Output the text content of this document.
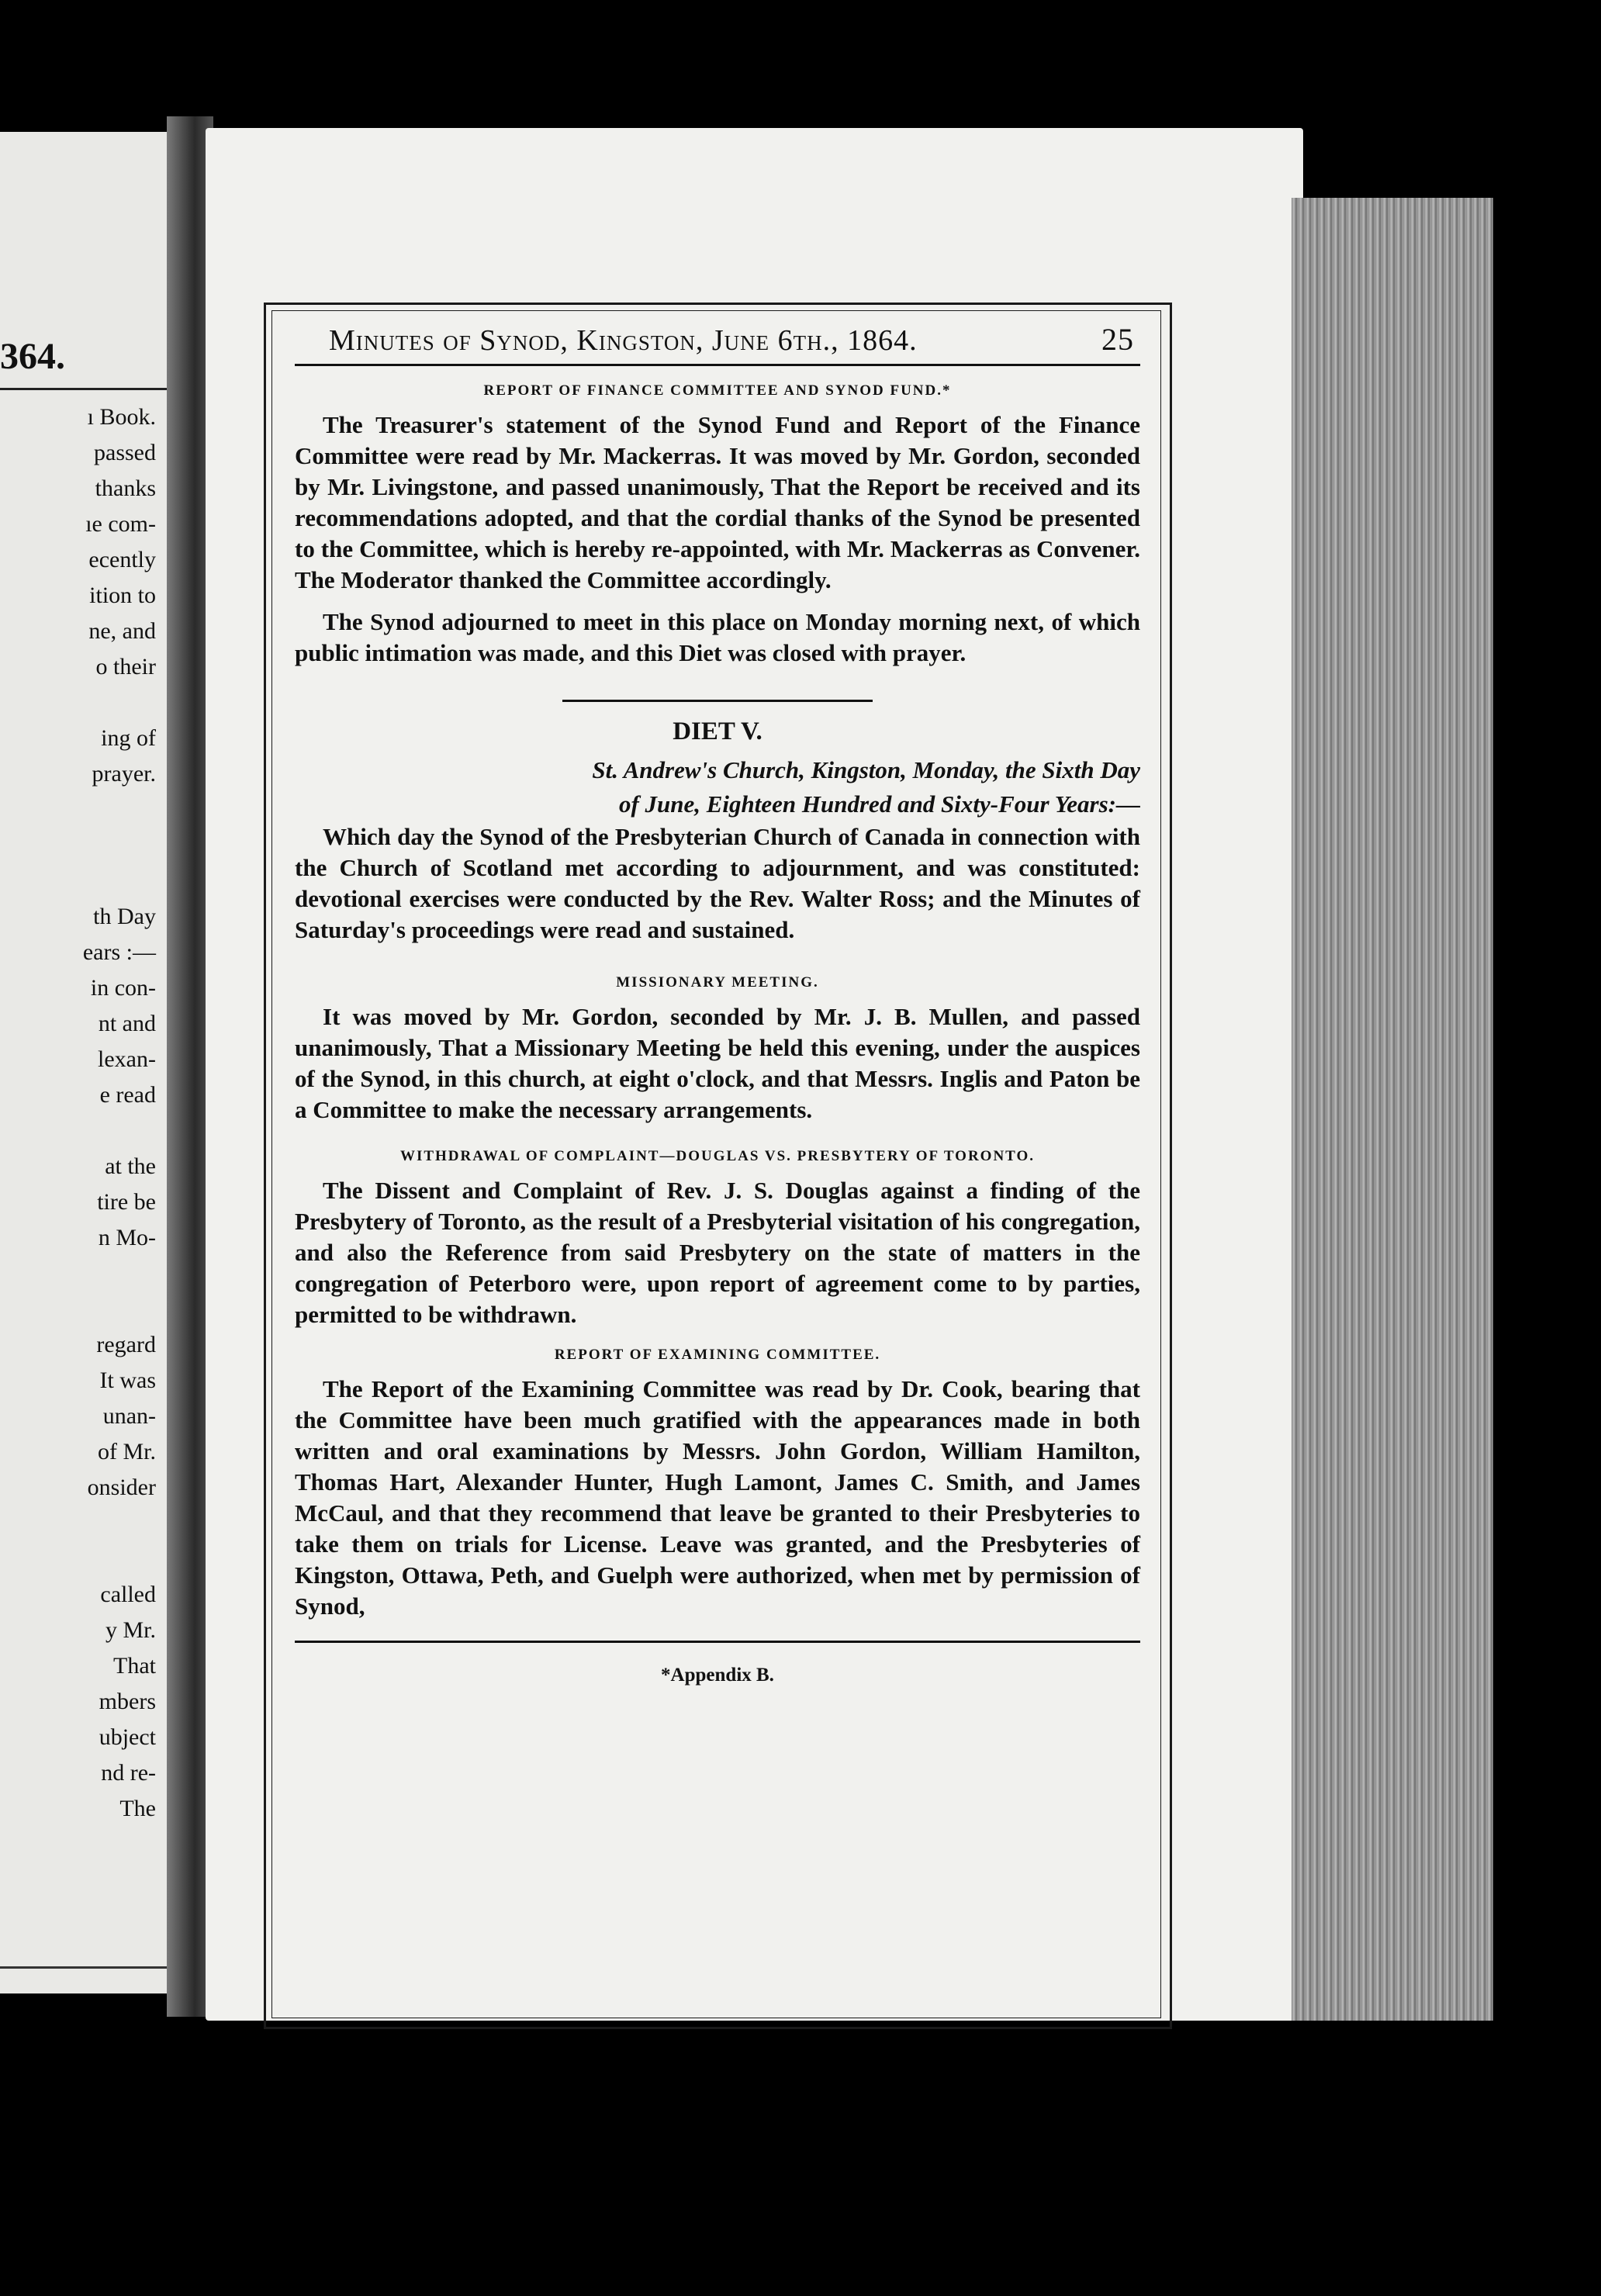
364.
ı Book.
passed
thanks
ıe com-
ecently
ition to
ne, and
o their
ing of
prayer.
th Day
ears :—
in con-
nt and
lexan-
e read
at the
tire be
n Mo-
regard
It was
unan-
of Mr.
onsider
called
y Mr.
That
mbers
ubject
nd re-
The
Minutes of Synod, Kingston, June 6th., 1864.	25
REPORT OF FINANCE COMMITTEE AND SYNOD FUND.*

The Treasurer's statement of the Synod Fund and Report of the Finance Committee were read by Mr. Mackerras. It was moved by Mr. Gordon, seconded by Mr. Livingstone, and passed unanimously, That the Report be received and its recommendations adopted, and that the cordial thanks of the Synod be presented to the Committee, which is hereby re-appointed, with Mr. Mackerras as Convener. The Moderator thanked the Committee accordingly.

The Synod adjourned to meet in this place on Monday morning next, of which public intimation was made, and this Diet was closed with prayer.

DIET V.

St. Andrew's Church, Kingston, Monday, the Sixth Day

of June, Eighteen Hundred and Sixty-Four Years:—

Which day the Synod of the Presbyterian Church of Canada in connection with the Church of Scotland met according to adjournment, and was constituted: devotional exercises were conducted by the Rev. Walter Ross; and the Minutes of Saturday's proceedings were read and sustained.

MISSIONARY MEETING.

It was moved by Mr. Gordon, seconded by Mr. J. B. Mullen, and passed unanimously, That a Missionary Meeting be held this evening, under the auspices of the Synod, in this church, at eight o'clock, and that Messrs. Inglis and Paton be a Committee to make the necessary arrangements.

WITHDRAWAL OF COMPLAINT—DOUGLAS VS. PRESBYTERY OF TORONTO.

The Dissent and Complaint of Rev. J. S. Douglas against a finding of the Presbytery of Toronto, as the result of a Presbyterial visitation of his congregation, and also the Reference from said Presbytery on the state of matters in the congregation of Peterboro were, upon report of agreement come to by parties, permitted to be withdrawn.

REPORT OF EXAMINING COMMITTEE.

The Report of the Examining Committee was read by Dr. Cook, bearing that the Committee have been much gratified with the appearances made in both written and oral examinations by Messrs. John Gordon, William Hamilton, Thomas Hart, Alexander Hunter, Hugh Lamont, James C. Smith, and James McCaul, and that they recommend that leave be granted to their Presbyteries to take them on trials for License. Leave was granted, and the Presbyteries of Kingston, Ottawa, Peth, and Guelph were authorized, when met by permission of Synod,

*Appendix B.
